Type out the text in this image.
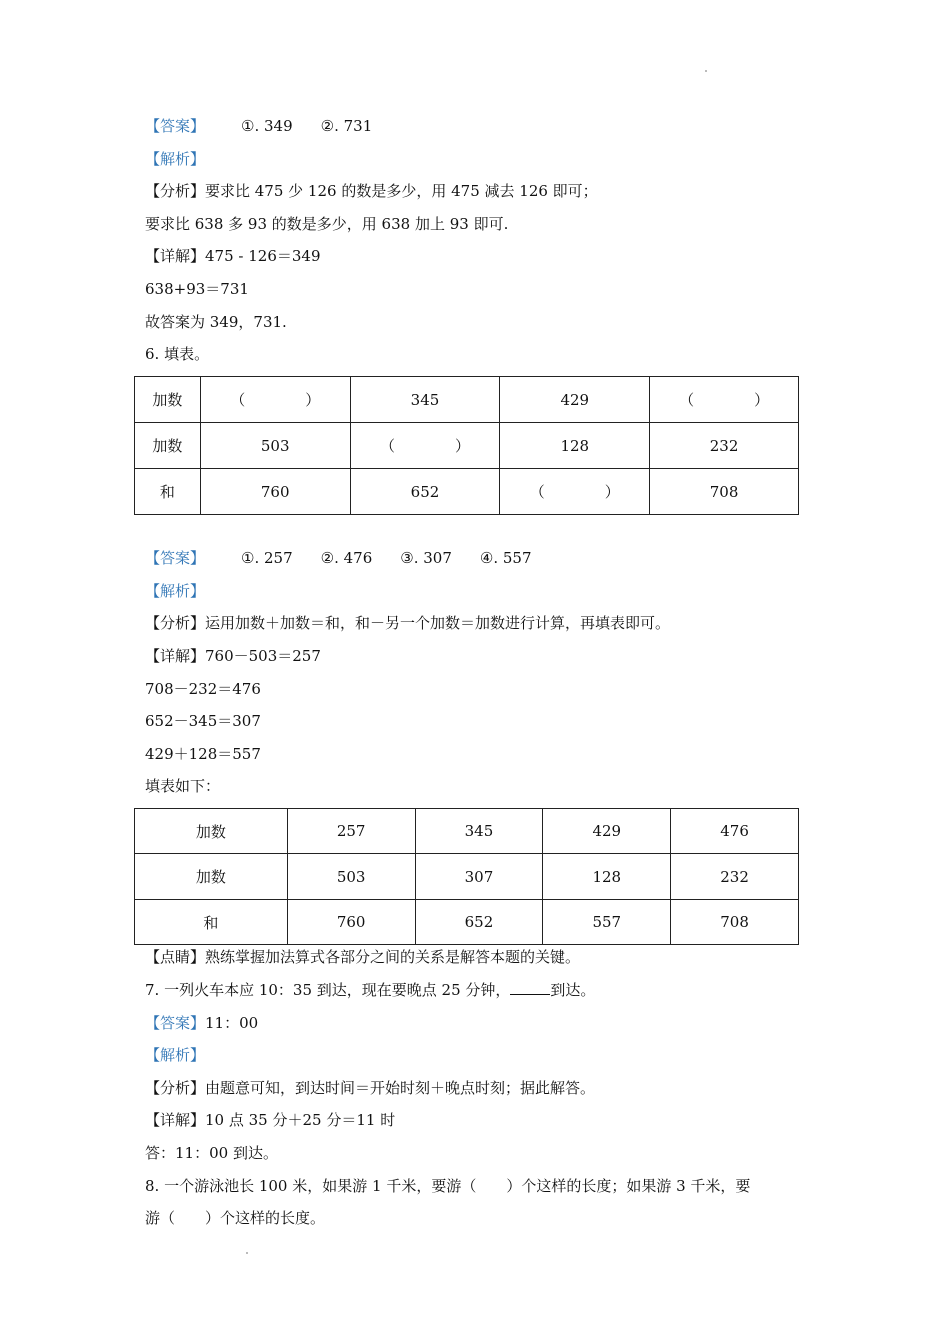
【答案】 ①. 349 ②. 731
【解析】
【分析】要求比 475 少 126 的数是多少，用 475 减去 126 即可；
要求比 638 多 93 的数是多少，用 638 加上 93 即可.
【详解】475 - 126＝349
638+93＝731
故答案为 349，731.
6. 填表。
加数	（　　　　）	345	429	（　　　　）
加数	503	（　　　　）	128	232
和	760	652	（　　　　）	708
【答案】 ①. 257 ②. 476 ③. 307 ④. 557
【解析】
【分析】运用加数＋加数＝和，和－另一个加数＝加数进行计算，再填表即可。
【详解】760－503＝257
708－232＝476
652－345＝307
429＋128＝557
填表如下：
加数	257	345	429	476
加数	503	307	128	232
和	760	652	557	708
【点睛】熟练掌握加法算式各部分之间的关系是解答本题的关键。
7. 一列火车本应 10：35 到达，现在要晚点 25 分钟，	到达。
【答案】11：00
【解析】
【分析】由题意可知，到达时间＝开始时刻＋晚点时刻；据此解答。
【详解】10 点 35 分＋25 分＝11 时
答：11：00 到达。
8. 一个游泳池长 100 米，如果游 1 千米，要游（　　）个这样的长度；如果游 3 千米，要
游（　　）个这样的长度。
